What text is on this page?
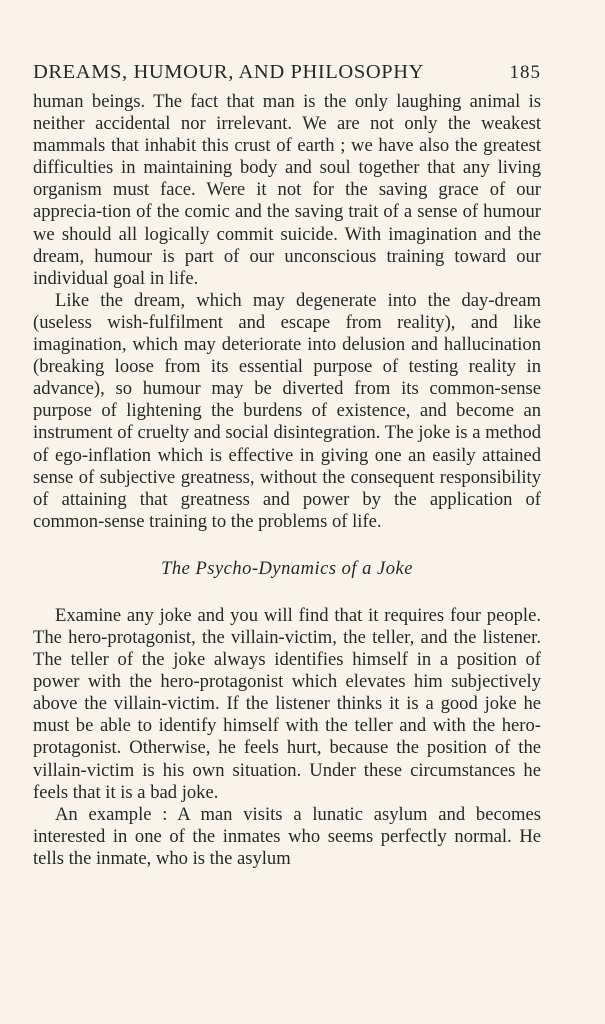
DREAMS, HUMOUR, AND PHILOSOPHY	185

human beings. The fact that man is the only laughing animal is neither accidental nor irrelevant. We are not only the weakest mammals that inhabit this crust of earth ; we have also the greatest difficulties in maintaining body and soul together that any living organism must face. Were it not for the saving grace of our apprecia-tion of the comic and the saving trait of a sense of humour we should all logically commit suicide. With imagination and the dream, humour is part of our unconscious training toward our individual goal in life.

Like the dream, which may degenerate into the day-dream (useless wish-fulfilment and escape from reality), and like imagination, which may deteriorate into delusion and hallucination (breaking loose from its essential purpose of testing reality in advance), so humour may be diverted from its common-sense purpose of lightening the burdens of existence, and become an instrument of cruelty and social disintegration. The joke is a method of ego-inflation which is effective in giving one an easily attained sense of subjective greatness, without the consequent responsibility of attaining that greatness and power by the application of common-sense training to the problems of life.

The Psycho-Dynamics of a Joke

Examine any joke and you will find that it requires four people. The hero-protagonist, the villain-victim, the teller, and the listener. The teller of the joke always identifies himself in a position of power with the hero-protagonist which elevates him subjectively above the villain-victim. If the listener thinks it is a good joke he must be able to identify himself with the teller and with the hero-protagonist. Otherwise, he feels hurt, because the position of the villain-victim is his own situation. Under these circumstances he feels that it is a bad joke.

An example : A man visits a lunatic asylum and becomes interested in one of the inmates who seems perfectly normal. He tells the inmate, who is the asylum
